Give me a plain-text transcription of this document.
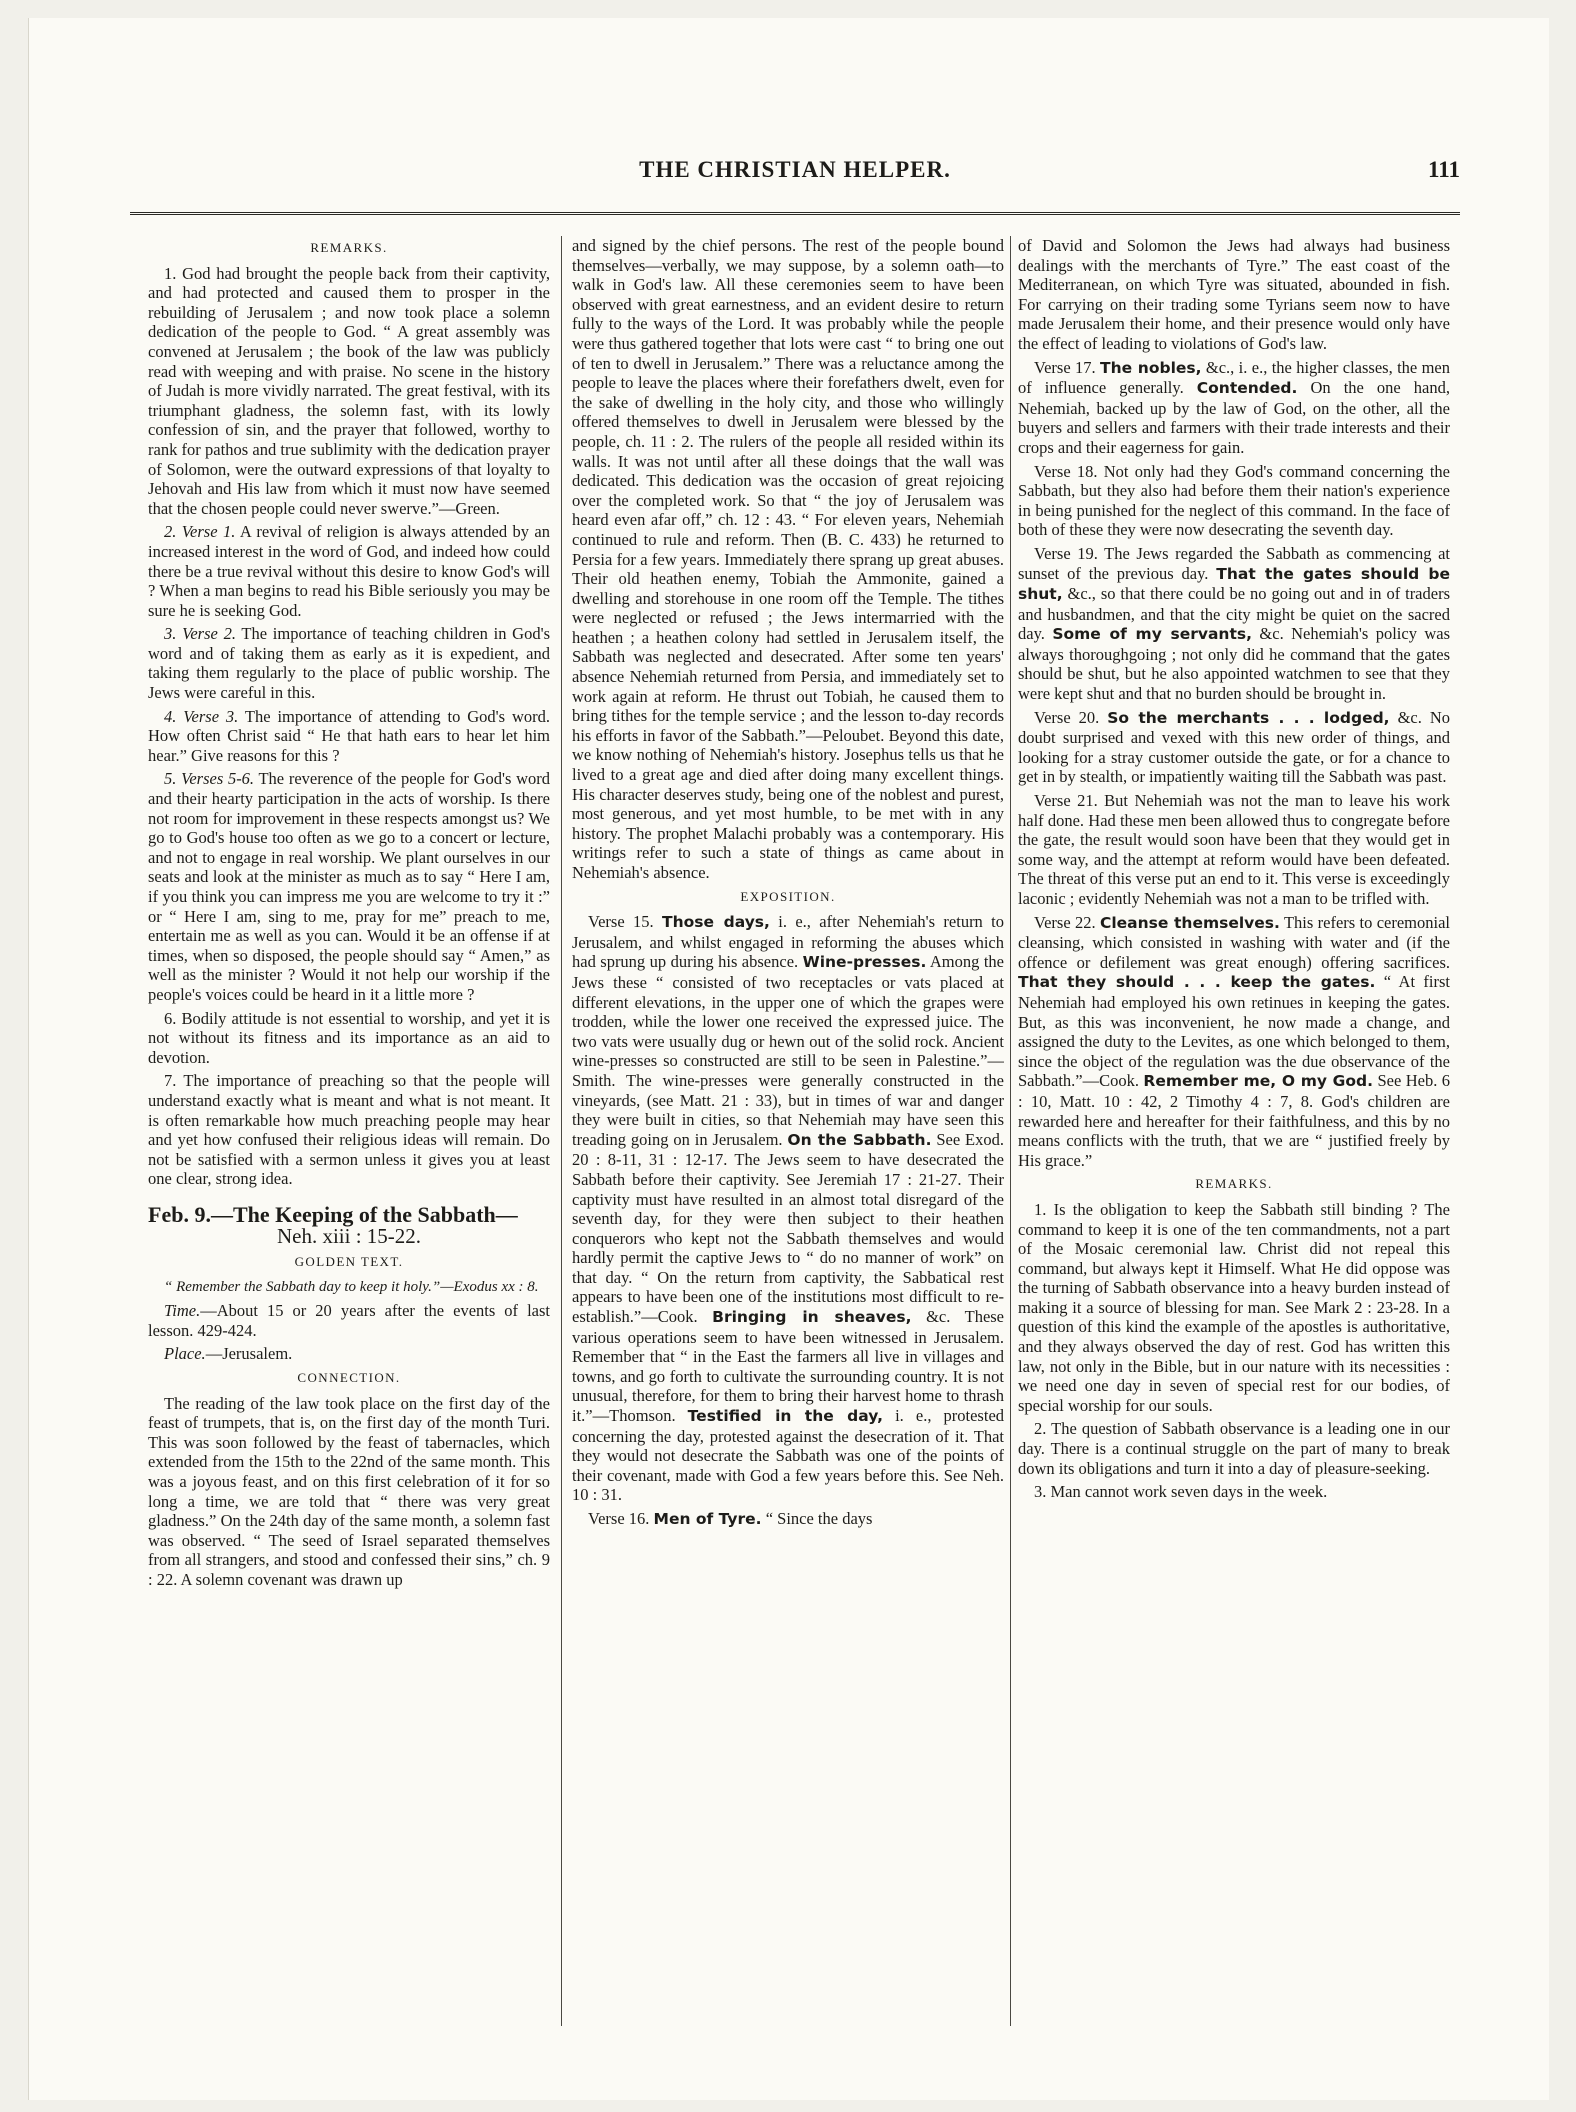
THE CHRISTIAN HELPER.	111

REMARKS.

1. God had brought the people back from their captivity, and had protected and caused them to prosper in the rebuilding of Jerusalem ; and now took place a solemn dedication of the people to God. “ A great assembly was convened at Jerusalem ; the book of the law was publicly read with weeping and with praise. No scene in the history of Judah is more vividly narrated. The great festival, with its triumphant gladness, the solemn fast, with its lowly confession of sin, and the prayer that followed, worthy to rank for pathos and true sublimity with the dedication prayer of Solomon, were the outward expressions of that loyalty to Jehovah and His law from which it must now have seemed that the chosen people could never swerve.”—Green.

2. Verse 1. A revival of religion is always attended by an increased interest in the word of God, and indeed how could there be a true revival without this desire to know God's will ? When a man begins to read his Bible seriously you may be sure he is seeking God.

3. Verse 2. The importance of teaching children in God's word and of taking them as early as it is expedient, and taking them regularly to the place of public worship. The Jews were careful in this.

4. Verse 3. The importance of attending to God's word. How often Christ said “ He that hath ears to hear let him hear.” Give reasons for this ?

5. Verses 5-6. The reverence of the people for God's word and their hearty participation in the acts of worship. Is there not room for improvement in these respects amongst us? We go to God's house too often as we go to a concert or lecture, and not to engage in real worship. We plant ourselves in our seats and look at the minister as much as to say “ Here I am, if you think you can impress me you are welcome to try it :” or “ Here I am, sing to me, pray for me” preach to me, entertain me as well as you can. Would it be an offense if at times, when so disposed, the people should say “ Amen,” as well as the minister ? Would it not help our worship if the people's voices could be heard in it a little more ?

6. Bodily attitude is not essential to worship, and yet it is not without its fitness and its importance as an aid to devotion.

7. The importance of preaching so that the people will understand exactly what is meant and what is not meant. It is often remarkable how much preaching people may hear and yet how confused their religious ideas will remain. Do not be satisfied with a sermon unless it gives you at least one clear, strong idea.

Feb. 9.—The Keeping of the Sabbath—

Neh. xiii : 15-22.

GOLDEN TEXT.

“ Remember the Sabbath day to keep it holy.”—Exodus xx : 8.

Time.—About 15 or 20 years after the events of last lesson. 429-424.

Place.—Jerusalem.

CONNECTION.

The reading of the law took place on the first day of the feast of trumpets, that is, on the first day of the month Turi. This was soon followed by the feast of tabernacles, which extended from the 15th to the 22nd of the same month. This was a joyous feast, and on this first celebration of it for so long a time, we are told that “ there was very great gladness.” On the 24th day of the same month, a solemn fast was observed. “ The seed of Israel separated themselves from all strangers, and stood and confessed their sins,” ch. 9 : 22. A solemn covenant was drawn up

and signed by the chief persons. The rest of the people bound themselves—verbally, we may suppose, by a solemn oath—to walk in God's law. All these ceremonies seem to have been observed with great earnestness, and an evident desire to return fully to the ways of the Lord. It was probably while the people were thus gathered together that lots were cast “ to bring one out of ten to dwell in Jerusalem.” There was a reluctance among the people to leave the places where their forefathers dwelt, even for the sake of dwelling in the holy city, and those who willingly offered themselves to dwell in Jerusalem were blessed by the people, ch. 11 : 2. The rulers of the people all resided within its walls. It was not until after all these doings that the wall was dedicated. This dedication was the occasion of great rejoicing over the completed work. So that “ the joy of Jerusalem was heard even afar off,” ch. 12 : 43. “ For eleven years, Nehemiah continued to rule and reform. Then (B. C. 433) he returned to Persia for a few years. Immediately there sprang up great abuses. Their old heathen enemy, Tobiah the Ammonite, gained a dwelling and storehouse in one room off the Temple. The tithes were neglected or refused ; the Jews intermarried with the heathen ; a heathen colony had settled in Jerusalem itself, the Sabbath was neglected and desecrated. After some ten years' absence Nehemiah returned from Persia, and immediately set to work again at reform. He thrust out Tobiah, he caused them to bring tithes for the temple service ; and the lesson to-day records his efforts in favor of the Sabbath.”—Peloubet. Beyond this date, we know nothing of Nehemiah's history. Josephus tells us that he lived to a great age and died after doing many excellent things. His character deserves study, being one of the noblest and purest, most generous, and yet most humble, to be met with in any history. The prophet Malachi probably was a contemporary. His writings refer to such a state of things as came about in Nehemiah's absence.

EXPOSITION.

Verse 15. Those days, i. e., after Nehemiah's return to Jerusalem, and whilst engaged in reforming the abuses which had sprung up during his absence. Wine-presses. Among the Jews these “ consisted of two receptacles or vats placed at different elevations, in the upper one of which the grapes were trodden, while the lower one received the expressed juice. The two vats were usually dug or hewn out of the solid rock. Ancient wine-presses so constructed are still to be seen in Palestine.”—Smith. The wine-presses were generally constructed in the vineyards, (see Matt. 21 : 33), but in times of war and danger they were built in cities, so that Nehemiah may have seen this treading going on in Jerusalem. On the Sabbath. See Exod. 20 : 8-11, 31 : 12-17. The Jews seem to have desecrated the Sabbath before their captivity. See Jeremiah 17 : 21-27. Their captivity must have resulted in an almost total disregard of the seventh day, for they were then subject to their heathen conquerors who kept not the Sabbath themselves and would hardly permit the captive Jews to “ do no manner of work” on that day. “ On the return from captivity, the Sabbatical rest appears to have been one of the institutions most difficult to re-establish.”—Cook. Bringing in sheaves, &c. These various operations seem to have been witnessed in Jerusalem. Remember that “ in the East the farmers all live in villages and towns, and go forth to cultivate the surrounding country. It is not unusual, therefore, for them to bring their harvest home to thrash it.”—Thomson. Testified in the day, i. e., protested concerning the day, protested against the desecration of it. That they would not desecrate the Sabbath was one of the points of their covenant, made with God a few years before this. See Neh. 10 : 31.

Verse 16. Men of Tyre. “ Since the days

of David and Solomon the Jews had always had business dealings with the merchants of Tyre.” The east coast of the Mediterranean, on which Tyre was situated, abounded in fish. For carrying on their trading some Tyrians seem now to have made Jerusalem their home, and their presence would only have the effect of leading to violations of God's law.

Verse 17. The nobles, &c., i. e., the higher classes, the men of influence generally. Contended. On the one hand, Nehemiah, backed up by the law of God, on the other, all the buyers and sellers and farmers with their trade interests and their crops and their eagerness for gain.

Verse 18. Not only had they God's command concerning the Sabbath, but they also had before them their nation's experience in being punished for the neglect of this command. In the face of both of these they were now desecrating the seventh day.

Verse 19. The Jews regarded the Sabbath as commencing at sunset of the previous day. That the gates should be shut, &c., so that there could be no going out and in of traders and husbandmen, and that the city might be quiet on the sacred day. Some of my servants, &c. Nehemiah's policy was always thoroughgoing ; not only did he command that the gates should be shut, but he also appointed watchmen to see that they were kept shut and that no burden should be brought in.

Verse 20. So the merchants . . . lodged, &c. No doubt surprised and vexed with this new order of things, and looking for a stray customer outside the gate, or for a chance to get in by stealth, or impatiently waiting till the Sabbath was past.

Verse 21. But Nehemiah was not the man to leave his work half done. Had these men been allowed thus to congregate before the gate, the result would soon have been that they would get in some way, and the attempt at reform would have been defeated. The threat of this verse put an end to it. This verse is exceedingly laconic ; evidently Nehemiah was not a man to be trifled with.

Verse 22. Cleanse themselves. This refers to ceremonial cleansing, which consisted in washing with water and (if the offence or defilement was great enough) offering sacrifices. That they should . . . keep the gates. “ At first Nehemiah had employed his own retinues in keeping the gates. But, as this was inconvenient, he now made a change, and assigned the duty to the Levites, as one which belonged to them, since the object of the regulation was the due observance of the Sabbath.”—Cook. Remember me, O my God. See Heb. 6 : 10, Matt. 10 : 42, 2 Timothy 4 : 7, 8. God's children are rewarded here and hereafter for their faithfulness, and this by no means conflicts with the truth, that we are “ justified freely by His grace.”

REMARKS.

1. Is the obligation to keep the Sabbath still binding ? The command to keep it is one of the ten commandments, not a part of the Mosaic ceremonial law. Christ did not repeal this command, but always kept it Himself. What He did oppose was the turning of Sabbath observance into a heavy burden instead of making it a source of blessing for man. See Mark 2 : 23-28. In a question of this kind the example of the apostles is authoritative, and they always observed the day of rest. God has written this law, not only in the Bible, but in our nature with its necessities : we need one day in seven of special rest for our bodies, of special worship for our souls.

2. The question of Sabbath observance is a leading one in our day. There is a continual struggle on the part of many to break down its obligations and turn it into a day of pleasure-seeking.

3. Man cannot work seven days in the week.
